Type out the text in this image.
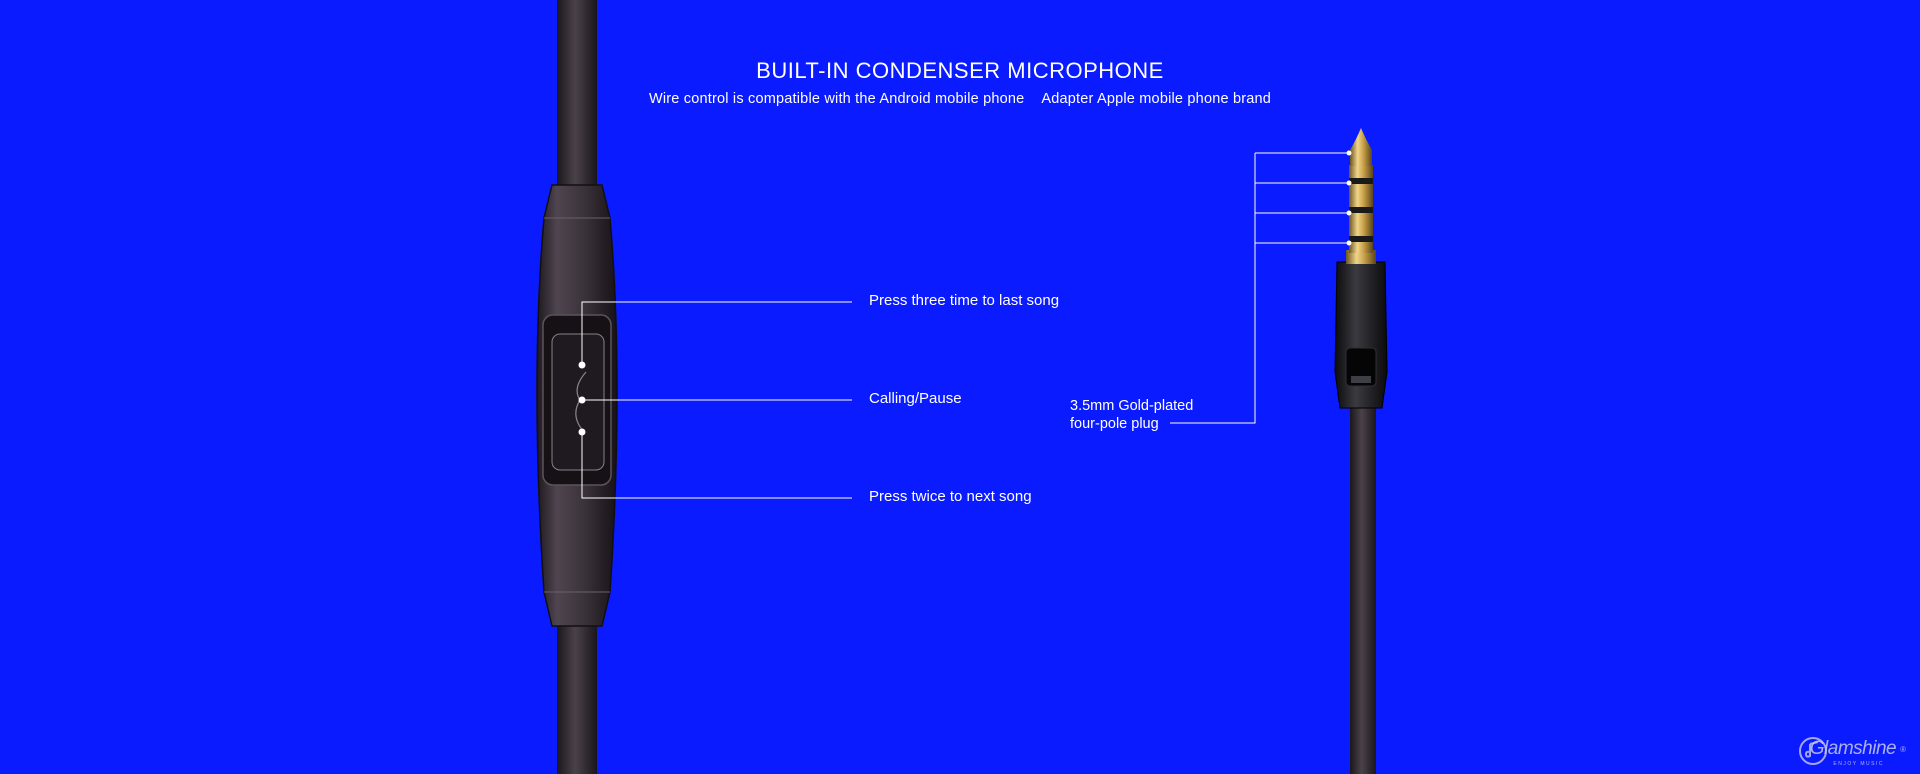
BUILT-IN CONDENSER MICROPHONE
Wire control is compatible with the Android mobile phone    Adapter Apple mobile phone brand
Press three time to last song
Calling/Pause
Press twice to next song
3.5mm Gold-plated
four-pole plug
Glamshine ®
ENJOY MUSIC
